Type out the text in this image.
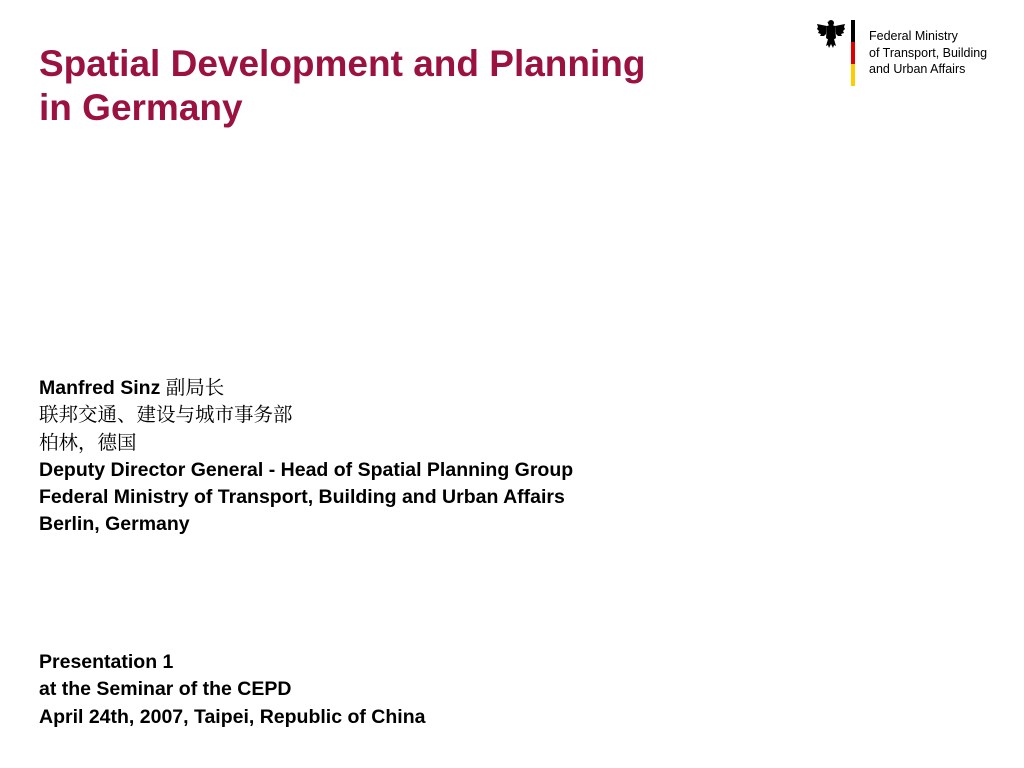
Spatial Development and Planning
in Germany
Federal Ministry
of Transport, Building
and Urban Affairs
Manfred Sinz 副局长
联邦交通、建设与城市事务部
柏林，德国
Deputy Director General - Head of Spatial Planning Group
Federal Ministry of Transport, Building and Urban Affairs
Berlin, Germany
Presentation 1
at the Seminar of the CEPD
April 24th, 2007, Taipei, Republic of China
